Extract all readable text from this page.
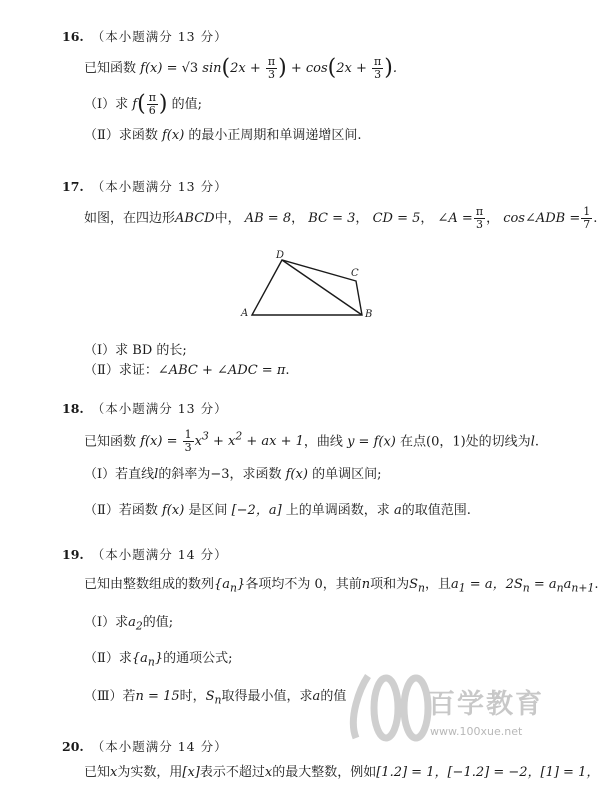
16. （本小题满分 13 分）
已知函数 f(x) = √3 $\sin(2x + \frac{\pi}{3}$ ) + $\cos(2x + \frac{\pi}{3}$ ).
（Ⅰ）求 $f( \frac{\pi}{6}$ ) 的值;
（Ⅱ）求函数 f(x) 的最小正周期和单调递增区间.
17. （本小题满分 13 分）
如图，在四边形ABCD中， AB = 8， BC = 3， CD = 5， ∠A = $\frac{\pi}{3}$ ， cos∠ADB = $\frac{1}{7}$ .
A	B
C
D
（Ⅰ）求 BD 的长;
（Ⅱ）求证：∠ABC + ∠ADC = π.
18. （本小题满分 13 分）
已知函数 $f(x) = \frac{1}{3} x^3 + x^2$ + ax + 1，曲线 y = f(x) 在点(0，1)处的切线为l.
（Ⅰ）若直线l的斜率为−3，求函数 f(x) 的单调区间;
（Ⅱ）若函数 f(x) 是区间 [−2，a] 上的单调函数，求 a的取值范围.
19. （本小题满分 14 分）
已知由整数组成的数列$\{a_n\}$各项均不为 0，其前n项和为$S_n$，且$a_1 = a$，$2S_n = a_na_{n+1}$.
（Ⅰ）求$a_2$的值;
（Ⅱ）求$\{a_n\}$的通项公式;
（Ⅲ）若n = 15时，$S_n$取得最小值，求a的值	百学教育
www.100xue.net
20. （本小题满分 14 分）
已知x为实数，用[x]表示不超过x的最大整数，例如[1.2] = 1，[−1.2] = −2，[1] = 1，
